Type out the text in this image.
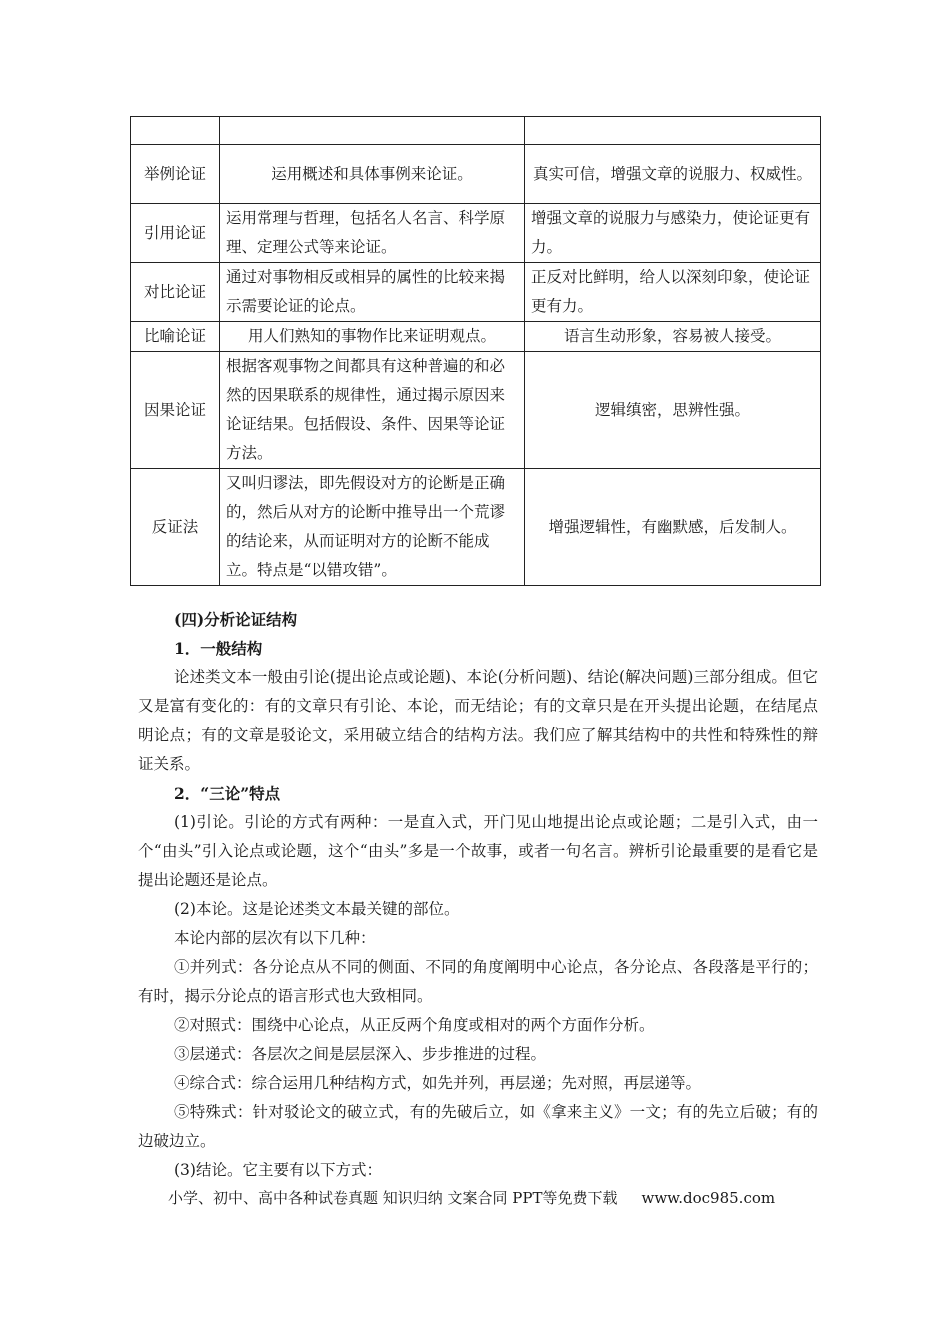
举例论证	运用概述和具体事例来论证。	真实可信，增强文章的说服力、权威性。
引用论证	运用常理与哲理，包括名人名言、科学原理、定理公式等来论证。	增强文章的说服力与感染力，使论证更有力。
对比论证	通过对事物相反或相异的属性的比较来揭示需要论证的论点。	正反对比鲜明，给人以深刻印象，使论证更有力。
比喻论证	用人们熟知的事物作比来证明观点。	语言生动形象，容易被人接受。
因果论证	根据客观事物之间都具有这种普遍的和必然的因果联系的规律性，通过揭示原因来论证结果。包括假设、条件、因果等论证方法。	逻辑缜密，思辨性强。
反证法	又叫归谬法，即先假设对方的论断是正确的，然后从对方的论断中推导出一个荒谬的结论来，从而证明对方的论断不能成立。特点是“以错攻错”。	增强逻辑性，有幽默感，后发制人。

(四)分析论证结构

1．一般结构

论述类文本一般由引论(提出论点或论题)、本论(分析问题)、结论(解决问题)三部分组成。但它又是富有变化的：有的文章只有引论、本论，而无结论；有的文章只是在开头提出论题，在结尾点明论点；有的文章是驳论文，采用破立结合的结构方法。我们应了解其结构中的共性和特殊性的辩证关系。

2．“三论”特点

(1)引论。引论的方式有两种：一是直入式，开门见山地提出论点或论题；二是引入式，由一个“由头”引入论点或论题，这个“由头”多是一个故事，或者一句名言。辨析引论最重要的是看它是提出论题还是论点。

(2)本论。这是论述类文本最关键的部位。

本论内部的层次有以下几种：

①并列式：各分论点从不同的侧面、不同的角度阐明中心论点，各分论点、各段落是平行的；有时，揭示分论点的语言形式也大致相同。

②对照式：围绕中心论点，从正反两个角度或相对的两个方面作分析。

③层递式：各层次之间是层层深入、步步推进的过程。

④综合式：综合运用几种结构方式，如先并列，再层递；先对照，再层递等。

⑤特殊式：针对驳论文的破立式，有的先破后立，如《拿来主义》一文；有的先立后破；有的边破边立。

(3)结论。它主要有以下方式：

小学、初中、高中各种试卷真题 知识归纳 文案合同 PPT等免费下载 www.doc985.com
